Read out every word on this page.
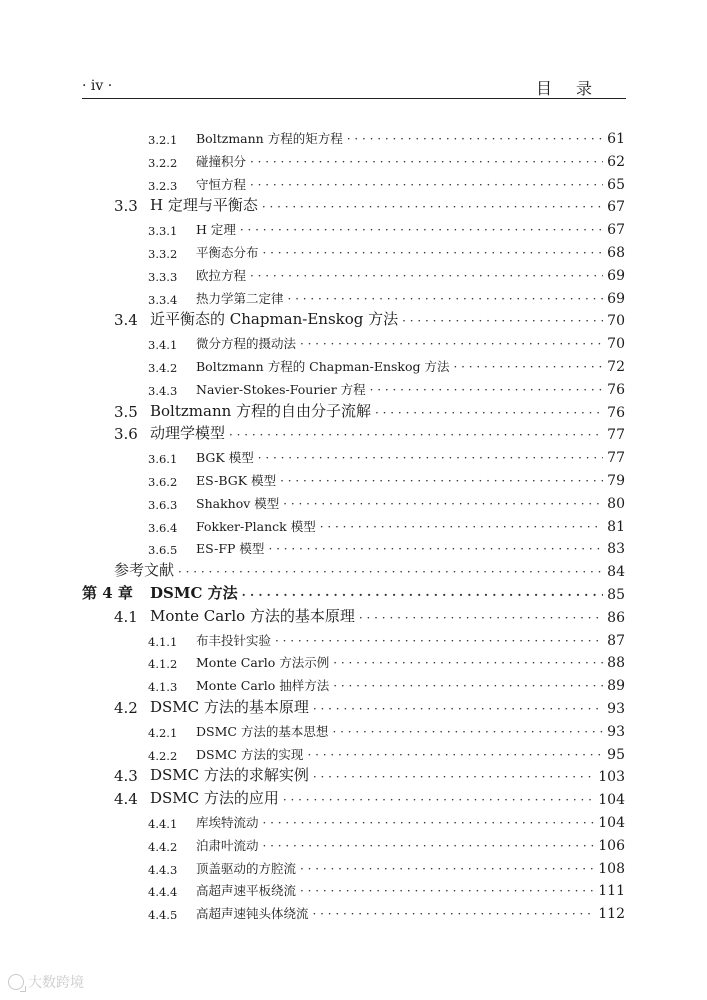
· iv ·	目录
3.2.1	Boltzmann 方程的矩方程 · · ·	61
3.2.2	碰撞积分 · · ·	62
3.2.3	守恒方程 · · ·	65
3.3 H 定理与平衡态 · · ·	67
3.3.1	H 定理 · · ·	67
3.3.2	平衡态分布 · · ·	68
3.3.3	欧拉方程 · · ·	69
3.3.4	热力学第二定律 · · ·	69
3.4 近平衡态的 Chapman-Enskog 方法 · · ·	70
3.4.1	微分方程的摄动法 · · ·	70
3.4.2	Boltzmann 方程的 Chapman-Enskog 方法 · · ·	72
3.4.3	Navier-Stokes-Fourier 方程 · · ·	76
3.5 Boltzmann 方程的自由分子流解 · · ·	76
3.6 动理学模型 · · ·	77
3.6.1	BGK 模型 · · ·	77
3.6.2	ES-BGK 模型 · · ·	79
3.6.3	Shakhov 模型 · · ·	80
3.6.4	Fokker-Planck 模型 · · ·	81
3.6.5	ES-FP 模型 · · ·	83
参考文献 · · ·	84
第 4 章	DSMC 方法 · · ·	85
4.1 Monte Carlo 方法的基本原理 · · ·	86
4.1.1	布丰投针实验 · · ·	87
4.1.2	Monte Carlo 方法示例 · · ·	88
4.1.3	Monte Carlo 抽样方法 · · ·	89
4.2 DSMC 方法的基本原理 · · ·	93
4.2.1	DSMC 方法的基本思想 · · ·	93
4.2.2	DSMC 方法的实现 · · ·	95
4.3 DSMC 方法的求解实例 · · ·	103
4.4 DSMC 方法的应用 · · ·	104
4.4.1	库埃特流动 · · ·	104
4.4.2	泊肃叶流动 · · ·	106
4.4.3	顶盖驱动的方腔流 · · ·	108
4.4.4	高超声速平板绕流 · · ·	111
4.4.5	高超声速钝头体绕流 · · ·	112
大数跨境
